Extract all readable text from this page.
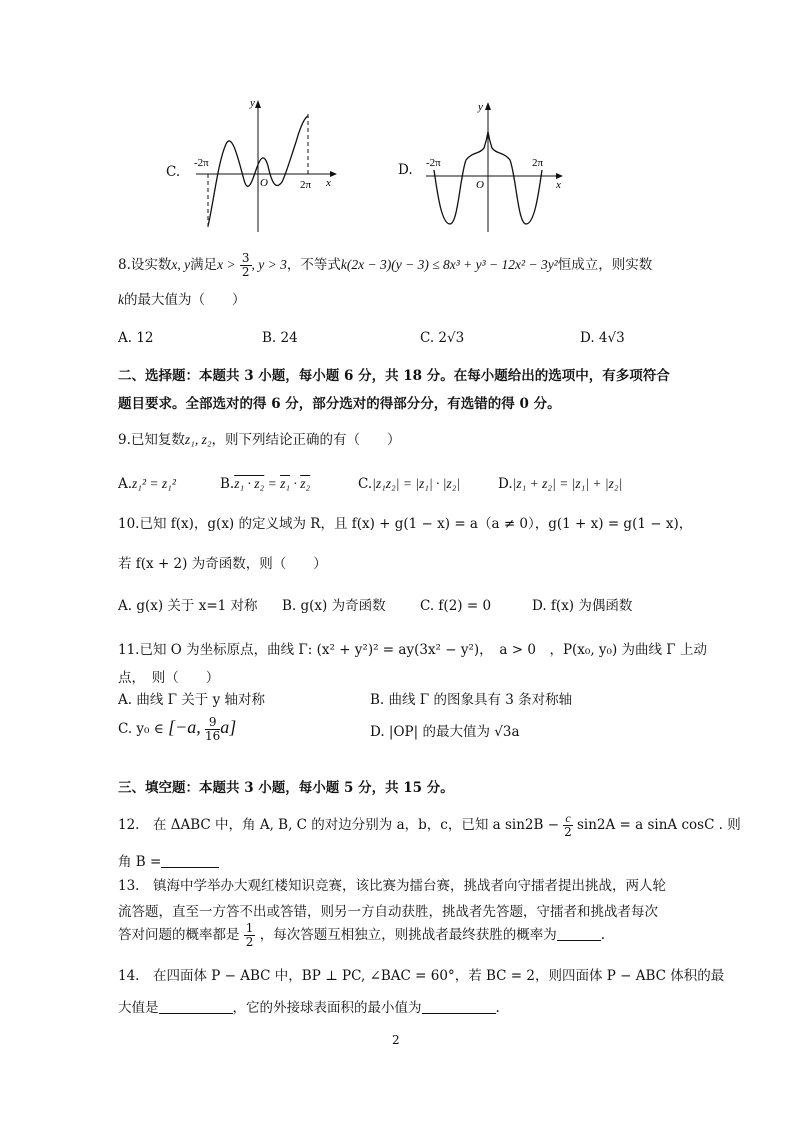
C.
-2π
2π
O
y
x
D. -2π	2π
O
y
x
8.设实数x, y满足$x > \frac{3}{2}$ , y > 3，不等式k(2x − 3)(y − 3) ≤ 8x³ + y³ − 12x² − 3y²恒成立，则实数
k的最大值为（　　）
A. 12	B. 24	C. 2√3	D. 4√3
二、选择题：本题共 3 小题，每小题 6 分，共 18 分。在每小题给出的选项中，有多项符合
题目要求。全部选对的得 6 分，部分选对的得部分分，有选错的得 0 分。
9.已知复数z₁, z₂，则下列结论正确的有（　　）
A.z₁² = z₁²	B.z₁ · z₂ = z₁ · z₂	C.|z₁z₂| = |z₁| · |z₂|	D.|z₁ + z₂| = |z₁| + |z₂|
10.已知 f(x)，g(x) 的定义域为 R，且 f(x) + g(1 − x) = a（a ≠ 0），g(1 + x) = g(1 − x)，
若 f(x + 2) 为奇函数，则（　　）
A. g(x) 关于 x=1 对称 B. g(x) 为奇函数	C. f(2) = 0	D. f(x) 为偶函数
11.已知 O 为坐标原点，曲线 Γ: (x² + y²)² = ay(3x² − y²)，　a > 0　，P(x₀, y₀) 为曲线 Γ 上动
点，　则（　　）
A. 曲线 Γ 关于 y 轴对称	B. 曲线 Γ 的图象具有 3 条对称轴
C. y₀ ∈ [−a, $\frac{9}{16} a$]	D. |OP| 的最大值为 √3a
三、填空题：本题共 3 小题，每小题 5 分，共 15 分。
12.　在 ΔABC 中，角 A, B, C 的对边分别为 a，b，c，已知 a $\sin 2B - \frac{c}{2} \sin 2A = a$ sinA cosC . 则
角 B =
13.　镇海中学举办大观红楼知识竞赛，该比赛为擂台赛，挑战者向守擂者提出挑战，两人轮
流答题，直至一方答不出或答错，则另一方自动获胜，挑战者先答题，守擂者和挑战者每次
答对问题的概率都是 $\frac{1}{2}$ ，每次答题互相独立，则挑战者最终获胜的概率为	.
14.　在四面体 P − ABC 中，BP ⊥ PC, ∠BAC = 60°，若 BC = 2，则四面体 P − ABC 体积的最
大值是	，它的外接球表面积的最小值为	.
2
